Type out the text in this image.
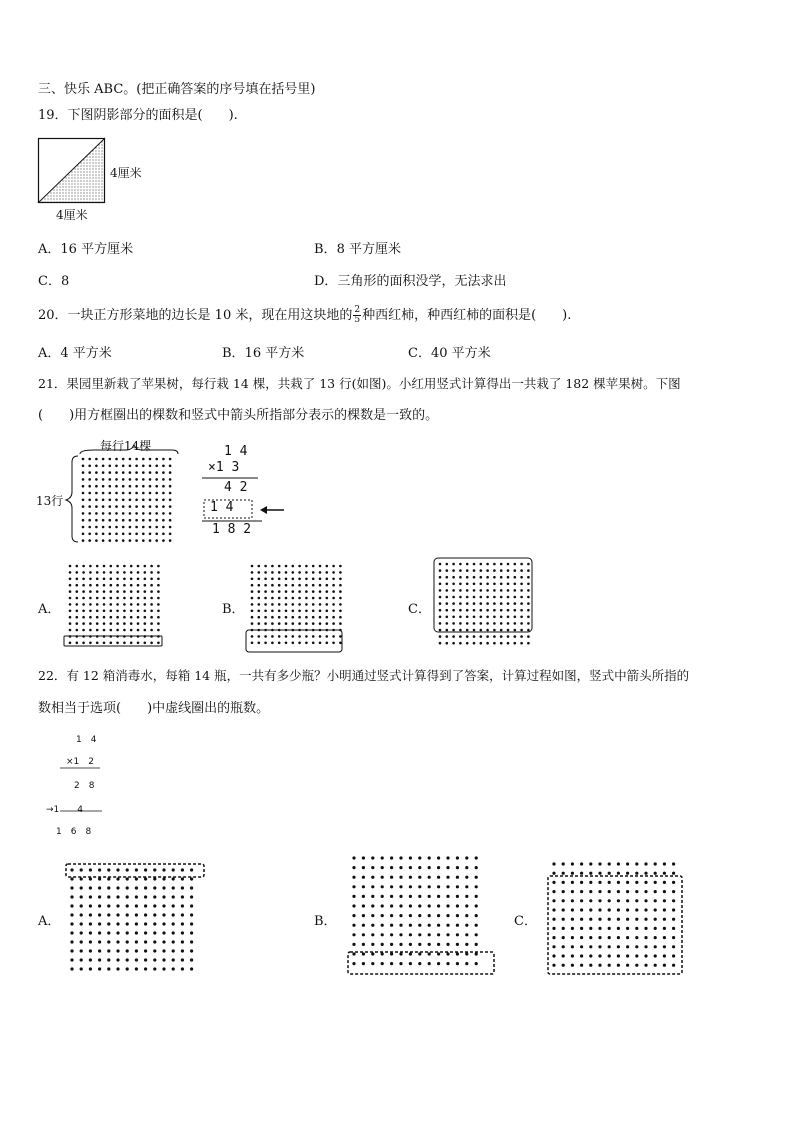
三、快乐 ABC。(把正确答案的序号填在括号里)
19．下图阴影部分的面积是(　　).
4厘米
4厘米
A．16 平方厘米	B．8 平方厘米
C．8	D．三角形的面积没学，无法求出
20．一块正方形菜地的边长是 10 米，现在用这块地的 $\frac{2}{5}$ 种西红柿，种西红柿的面积是(　　).
A．4 平方米	B．16 平方米	C．40 平方米
21．果园里新栽了苹果树，每行栽 14 棵，共栽了 13 行(如图)。小红用竖式计算得出一共栽了 182 棵苹果树。下图
(　　)用方框圈出的棵数和竖式中箭头所指部分表示的棵数是一致的。
每行14棵
13行
1 4
×1 3
4 2
1 4
1 8 2
A．	B．	C．
22．有 12 箱消毒水，每箱 14 瓶，一共有多少瓶？小明通过竖式计算得到了答案，计算过程如图，竖式中箭头所指的
数相当于选项(　　)中虚线圈出的瓶数。
1　4
×1　2
2　8
→1　　4
1　6　8
A．	B．	C．
